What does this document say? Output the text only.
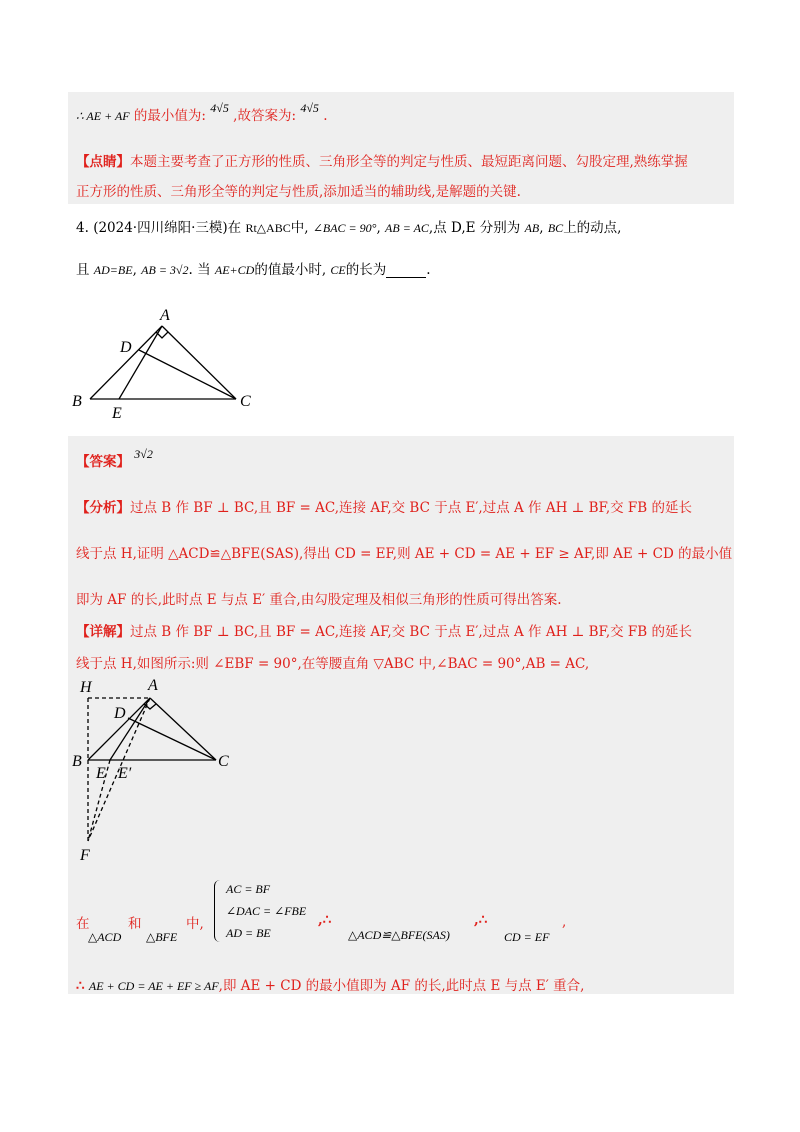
∴ AE + AF 的最小值为: 4√5 ,故答案为: 4√5 .
【点睛】本题主要考查了正方形的性质、三角形全等的判定与性质、最短距离问题、勾股定理,熟练掌握
正方形的性质、三角形全等的判定与性质,添加适当的辅助线,是解题的关键.
4. (2024·四川绵阳·三模)在 Rt△ABC中, ∠BAC = 90°, AB = AC,点 D,E 分别为 AB, BC上的动点,
且 AD=BE, AB = 3√2. 当 AE+CD的值最小时, CE的长为	.
A
B	C
D
E
【答案】 3√2
【分析】过点 B 作 BF ⊥ BC,且 BF = AC,连接 AF,交 BC 于点 E′,过点 A 作 AH ⊥ BF,交 FB 的延长
线于点 H,证明 △ACD≌△BFE(SAS),得出 CD = EF,则 AE + CD = AE + EF ≥ AF,即 AE + CD 的最小值
即为 AF 的长,此时点 E 与点 E′ 重合,由勾股定理及相似三角形的性质可得出答案.
【详解】过点 B 作 BF ⊥ BC,且 BF = AC,连接 AF,交 BC 于点 E′,过点 A 作 AH ⊥ BF,交 FB 的延长
线于点 H,如图所示:则 ∠EBF = 90°,在等腰直角 ▽ABC 中,∠BAC = 90°,AB = AC,
H	A
D
B
E E′
C
F
在
△ACD
和
△BFE
中,
AC = BF
∠DAC = ∠FBE
AD = BE
,∴
△ACD≌△BFE(SAS)
,∴
CD = EF
,
∴ AE + CD = AE + EF ≥ AF,即 AE + CD 的最小值即为 AF 的长,此时点 E 与点 E′ 重合,
